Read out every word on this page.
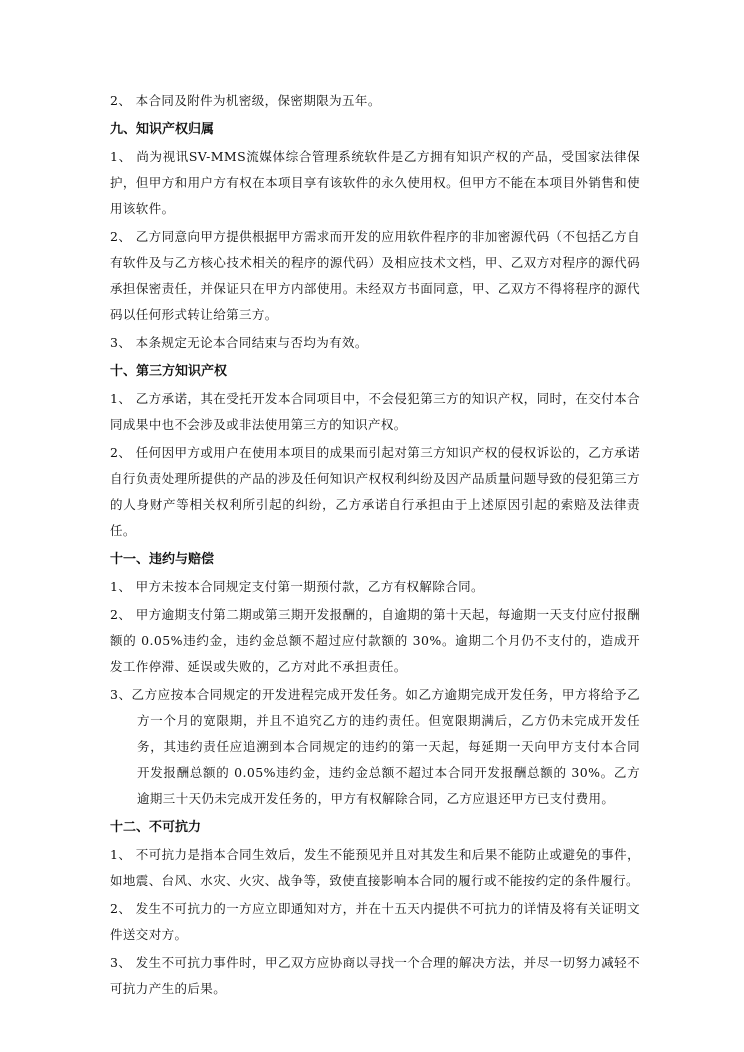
2、 本合同及附件为机密级，保密期限为五年。

九、知识产权归属

1、 尚为视讯SV-MMS流媒体综合管理系统软件是乙方拥有知识产权的产品，受国家法律保护，但甲方和用户方有权在本项目享有该软件的永久使用权。但甲方不能在本项目外销售和使用该软件。

2、 乙方同意向甲方提供根据甲方需求而开发的应用软件程序的非加密源代码（不包括乙方自有软件及与乙方核心技术相关的程序的源代码）及相应技术文档，甲、乙双方对程序的源代码承担保密责任，并保证只在甲方内部使用。未经双方书面同意，甲、乙双方不得将程序的源代码以任何形式转让给第三方。

3、 本条规定无论本合同结束与否均为有效。

十、第三方知识产权

1、 乙方承诺，其在受托开发本合同项目中，不会侵犯第三方的知识产权，同时，在交付本合同成果中也不会涉及或非法使用第三方的知识产权。

2、 任何因甲方或用户在使用本项目的成果而引起对第三方知识产权的侵权诉讼的，乙方承诺自行负责处理所提供的产品的涉及任何知识产权权利纠纷及因产品质量问题导致的侵犯第三方的人身财产等相关权利所引起的纠纷，乙方承诺自行承担由于上述原因引起的索赔及法律责任。

十一、违约与赔偿

1、 甲方未按本合同规定支付第一期预付款，乙方有权解除合同。

2、 甲方逾期支付第二期或第三期开发报酬的，自逾期的第十天起，每逾期一天支付应付报酬额的 0.05%违约金，违约金总额不超过应付款额的 30%。逾期二个月仍不支付的，造成开发工作停滞、延误或失败的，乙方对此不承担责任。

3、乙方应按本合同规定的开发进程完成开发任务。如乙方逾期完成开发任务，甲方将给予乙方一个月的宽限期，并且不追究乙方的违约责任。但宽限期满后，乙方仍未完成开发任务，其违约责任应追溯到本合同规定的违约的第一天起，每延期一天向甲方支付本合同开发报酬总额的 0.05%违约金，违约金总额不超过本合同开发报酬总额的 30%。乙方逾期三十天仍未完成开发任务的，甲方有权解除合同，乙方应退还甲方已支付费用。

十二、不可抗力

1、 不可抗力是指本合同生效后，发生不能预见并且对其发生和后果不能防止或避免的事件，如地震、台风、水灾、火灾、战争等，致使直接影响本合同的履行或不能按约定的条件履行。

2、 发生不可抗力的一方应立即通知对方，并在十五天内提供不可抗力的详情及将有关证明文件送交对方。

3、 发生不可抗力事件时，甲乙双方应协商以寻找一个合理的解决方法，并尽一切努力减轻不可抗力产生的后果。
